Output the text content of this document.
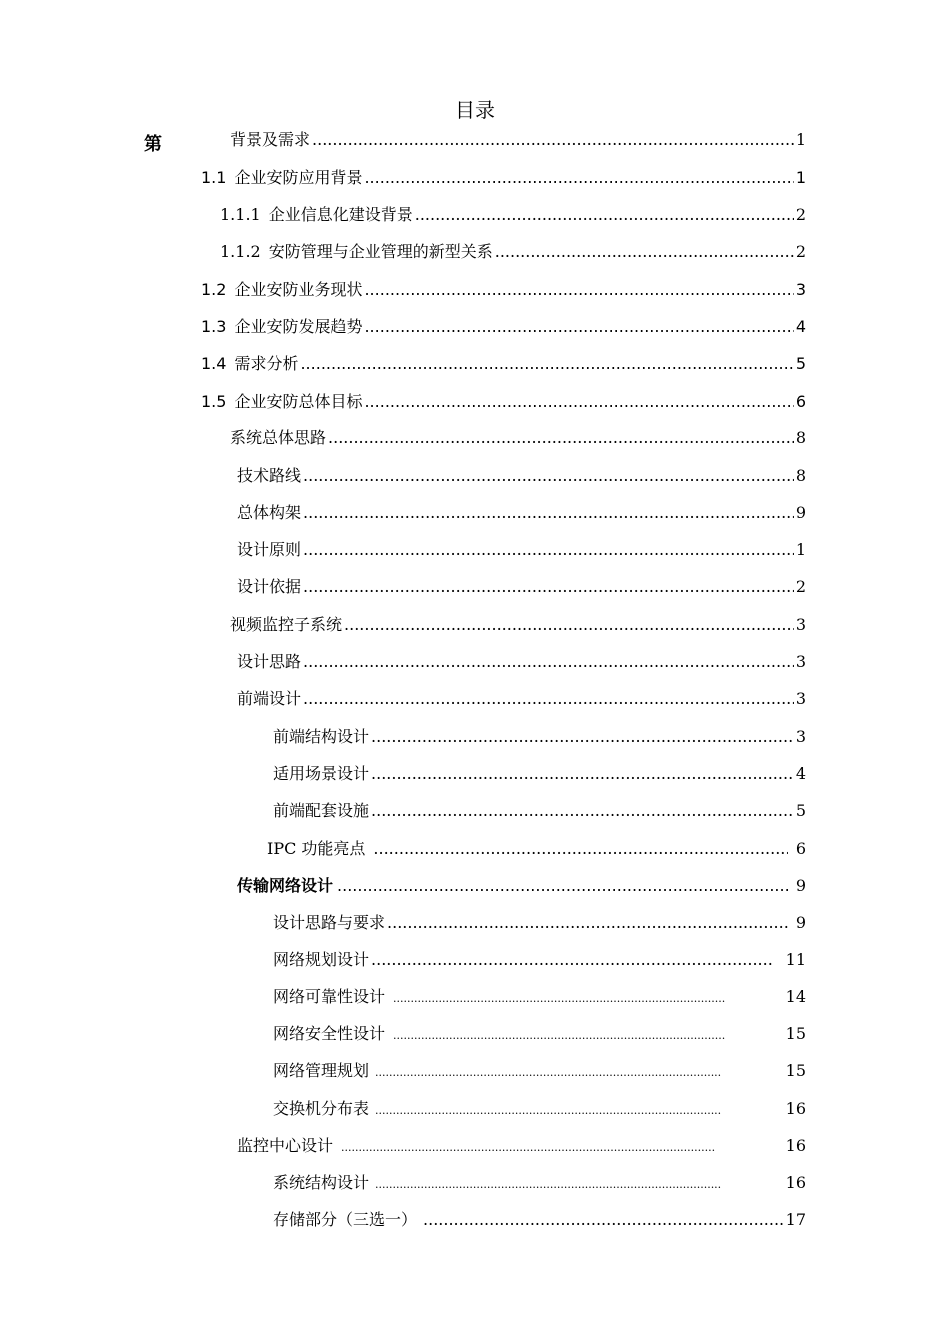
目录
第	背景及需求 .....	1
1.1 企业安防应用背景 .....	1
1.1.1 企业信息化建设背景 .....	2
1.1.2 安防管理与企业管理的新型关系 .....	2
1.2 企业安防业务现状 .....	3
1.3 企业安防发展趋势 .....	4
1.4 需求分析 .....	5
1.5 企业安防总体目标 .....	6
系统总体思路 .....	8
技术路线 .....	8
总体构架 .....	9
设计原则 .....	1
设计依据 .....	2
视频监控子系统 .....	3
设计思路 .....	3
前端设计 .....	3
前端结构设计 .....	3
适用场景设计 .....	4
前端配套设施 .....	5
IPC 功能亮点 .....	6
传输网络设计 .....	9
设计思路与要求 .....	9
网络规划设计 .....	11
网络可靠性设计 .....	14
网络安全性设计 .....	15
网络管理规划 .....	15
交换机分布表 .....	16
监控中心设计 .....	16
系统结构设计 .....	16
存储部分（三选一） .....	17
